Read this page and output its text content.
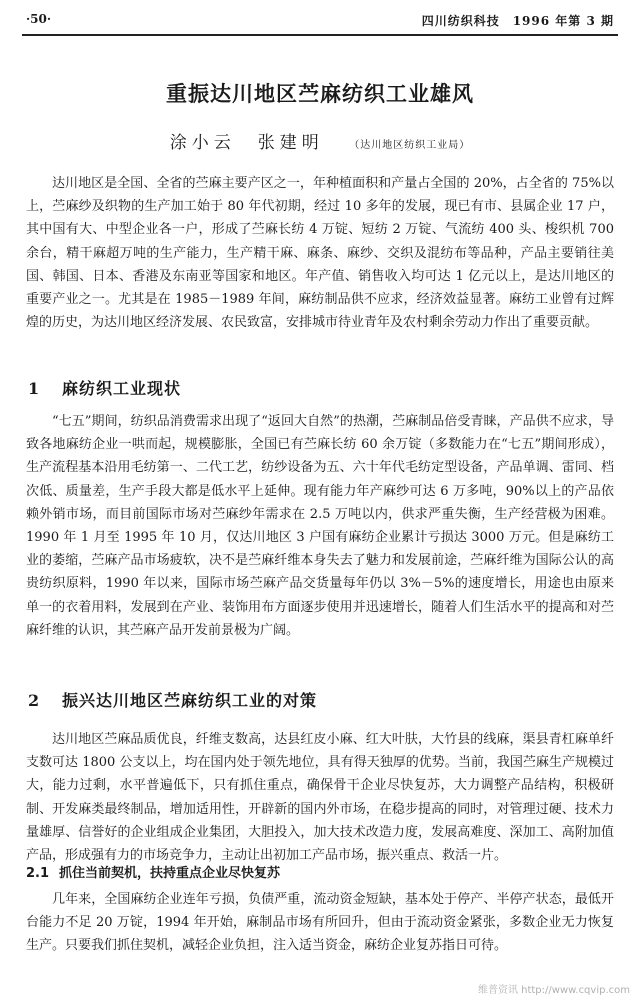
·50·	四川纺织科技　1996 年第 3 期
重振达川地区苎麻纺织工业雄风
涂小云　张建明	（达川地区纺织工业局）

达川地区是全国、全省的苎麻主要产区之一，年种植面积和产量占全国的 20%，占全省的 75%以上，苎麻纱及织物的生产加工始于 80 年代初期，经过 10 多年的发展，现已有市、县属企业 17 户，其中国有大、中型企业各一户，形成了苎麻长纺 4 万锭、短纺 2 万锭、气流纺 400 头、梭织机 700 余台，精干麻超万吨的生产能力，生产精干麻、麻条、麻纱、交织及混纺布等品种，产品主要销往美国、韩国、日本、香港及东南亚等国家和地区。年产值、销售收入均可达 1 亿元以上，是达川地区的重要产业之一。尤其是在 1985－1989 年间，麻纺制品供不应求，经济效益显著。麻纺工业曾有过辉煌的历史，为达川地区经济发展、农民致富，安排城市待业青年及农村剩余劳动力作出了重要贡献。

1 麻纺织工业现状

“七五”期间，纺织品消费需求出现了“返回大自然”的热潮，苎麻制品倍受青睐，产品供不应求，导致各地麻纺企业一哄而起，规模膨胀，全国已有苎麻长纺 60 余万锭（多数能力在“七五”期间形成），生产流程基本沿用毛纺第一、二代工艺，纺纱设备为五、六十年代毛纺定型设备，产品单调、雷同、档次低、质量差，生产手段大都是低水平上延伸。现有能力年产麻纱可达 6 万多吨，90%以上的产品依赖外销市场，而目前国际市场对苎麻纱年需求在 2.5 万吨以内，供求严重失衡，生产经营极为困难。1990 年 1 月至 1995 年 10 月，仅达川地区 3 户国有麻纺企业累计亏损达 3000 万元。但是麻纺工业的萎缩，苎麻产品市场疲软，决不是苎麻纤维本身失去了魅力和发展前途，苎麻纤维为国际公认的高贵纺织原料，1990 年以来，国际市场苎麻产品交货量每年仍以 3%－5%的速度增长，用途也由原来单一的衣着用料，发展到在产业、装饰用布方面逐步使用并迅速增长，随着人们生活水平的提高和对苎麻纤维的认识，其苎麻产品开发前景极为广阔。

2 振兴达川地区苎麻纺织工业的对策

达川地区苎麻品质优良，纤维支数高，达县红皮小麻、红大叶肤，大竹县的线麻，渠县青杠麻单纤支数可达 1800 公支以上，均在国内处于领先地位，具有得天独厚的优势。当前，我国苎麻生产规模过大，能力过剩，水平普遍低下，只有抓住重点，确保骨干企业尽快复苏，大力调整产品结构，积极研制、开发麻类最终制品，增加适用性，开辟新的国内外市场，在稳步提高的同时，对管理过硬、技术力量雄厚、信誉好的企业组成企业集团，大胆投入，加大技术改造力度，发展高难度、深加工、高附加值产品，形成强有力的市场竞争力，主动让出初加工产品市场，振兴重点、救活一片。

2.1 抓住当前契机，扶持重点企业尽快复苏

几年来，全国麻纺企业连年亏损，负债严重，流动资金短缺，基本处于停产、半停产状态，最低开台能力不足 20 万锭，1994 年开始，麻制品市场有所回升，但由于流动资金紧张，多数企业无力恢复生产。只要我们抓住契机，减轻企业负担，注入适当资金，麻纺企业复苏指日可待。

维普资讯 http://www.cqvip.com
